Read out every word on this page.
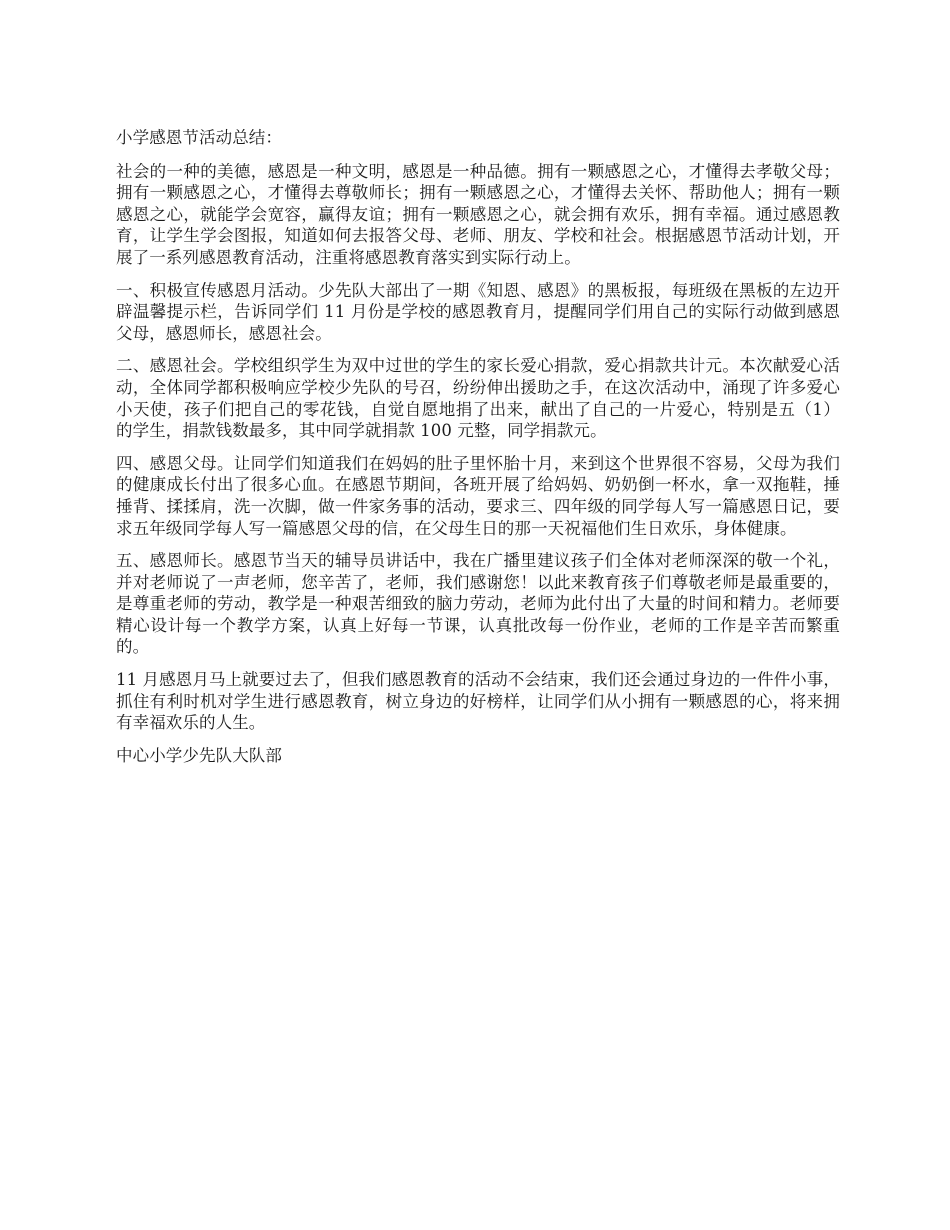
小学感恩节活动总结：

社会的一种的美德，感恩是一种文明，感恩是一种品德。拥有一颗感恩之心，才懂得去孝敬父母；拥有一颗感恩之心，才懂得去尊敬师长；拥有一颗感恩之心，才懂得去关怀、帮助他人；拥有一颗感恩之心，就能学会宽容，赢得友谊；拥有一颗感恩之心，就会拥有欢乐，拥有幸福。通过感恩教育，让学生学会图报，知道如何去报答父母、老师、朋友、学校和社会。根据感恩节活动计划，开展了一系列感恩教育活动，注重将感恩教育落实到实际行动上。

一、积极宣传感恩月活动。少先队大部出了一期《知恩、感恩》的黑板报，每班级在黑板的左边开辟温馨提示栏，告诉同学们 11 月份是学校的感恩教育月，提醒同学们用自己的实际行动做到感恩父母，感恩师长，感恩社会。

二、感恩社会。学校组织学生为双中过世的学生的家长爱心捐款，爱心捐款共计元。本次献爱心活动，全体同学都积极响应学校少先队的号召，纷纷伸出援助之手，在这次活动中，涌现了许多爱心小天使，孩子们把自己的零花钱，自觉自愿地捐了出来，献出了自己的一片爱心，特别是五（1）的学生，捐款钱数最多，其中同学就捐款 100 元整，同学捐款元。

四、感恩父母。让同学们知道我们在妈妈的肚子里怀胎十月，来到这个世界很不容易，父母为我们的健康成长付出了很多心血。在感恩节期间，各班开展了给妈妈、奶奶倒一杯水，拿一双拖鞋，捶捶背、揉揉肩，洗一次脚，做一件家务事的活动，要求三、四年级的同学每人写一篇感恩日记，要求五年级同学每人写一篇感恩父母的信，在父母生日的那一天祝福他们生日欢乐，身体健康。

五、感恩师长。感恩节当天的辅导员讲话中，我在广播里建议孩子们全体对老师深深的敬一个礼，并对老师说了一声老师，您辛苦了，老师，我们感谢您！以此来教育孩子们尊敬老师是最重要的，是尊重老师的劳动，教学是一种艰苦细致的脑力劳动，老师为此付出了大量的时间和精力。老师要精心设计每一个教学方案，认真上好每一节课，认真批改每一份作业，老师的工作是辛苦而繁重的。

11 月感恩月马上就要过去了，但我们感恩教育的活动不会结束，我们还会通过身边的一件件小事，抓住有利时机对学生进行感恩教育，树立身边的好榜样，让同学们从小拥有一颗感恩的心，将来拥有幸福欢乐的人生。

中心小学少先队大队部
